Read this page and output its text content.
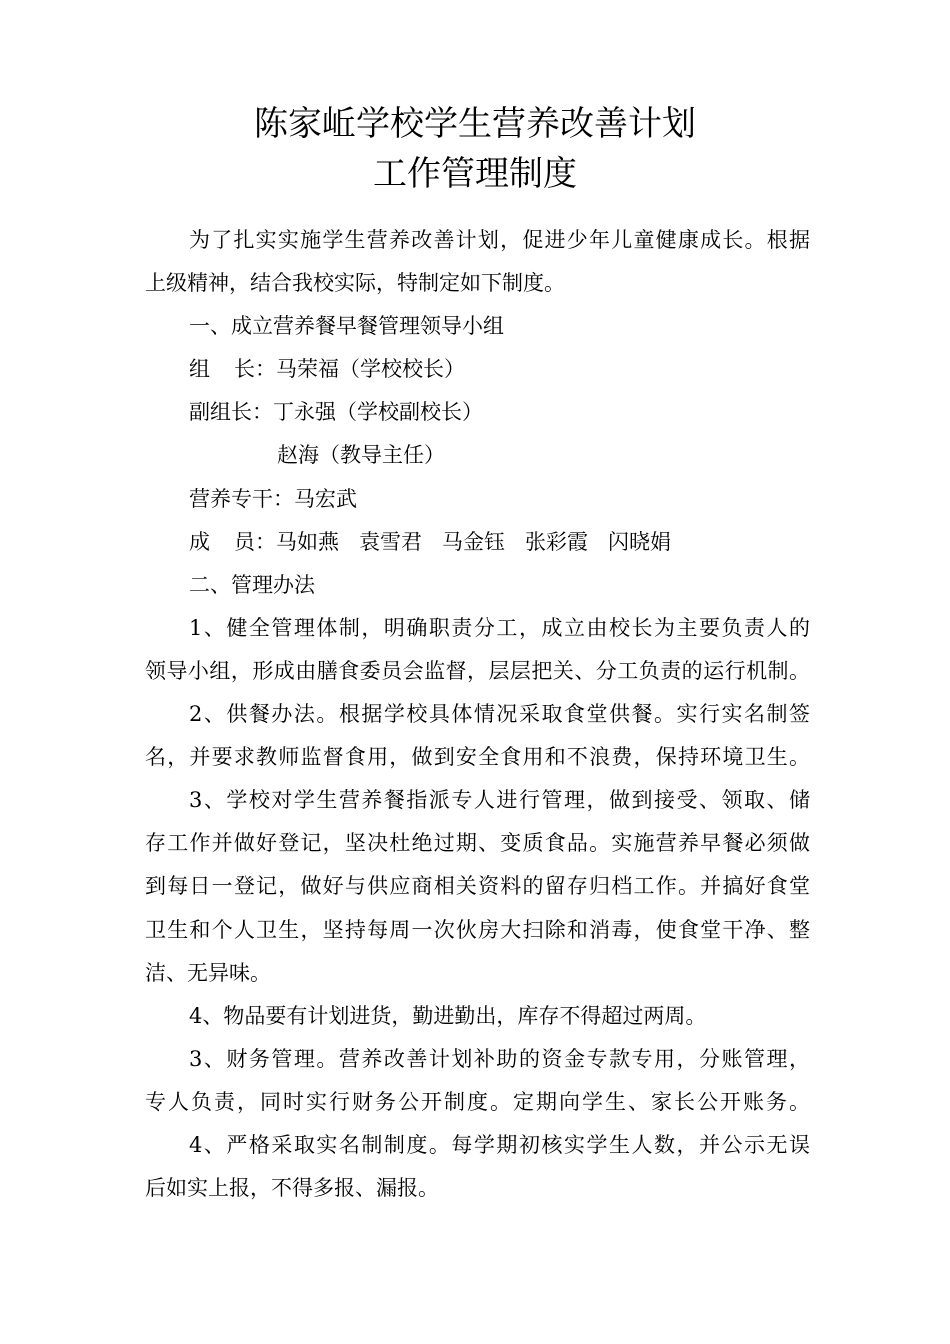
陈家岴学校学生营养改善计划
工作管理制度
为了扎实实施学生营养改善计划，促进少年儿童健康成长。根据
上级精神，结合我校实际，特制定如下制度。
一、成立营养餐早餐管理领导小组
组 长：马荣福（学校校长）
副组长：丁永强（学校副校长）
赵海（教导主任）
营养专干：马宏武
成 员：马如燕 袁雪君 马金钰 张彩霞 闪晓娟
二、管理办法
1、健全管理体制，明确职责分工，成立由校长为主要负责人的
领导小组，形成由膳食委员会监督，层层把关、分工负责的运行机制。
2、供餐办法。根据学校具体情况采取食堂供餐。实行实名制签
名，并要求教师监督食用，做到安全食用和不浪费，保持环境卫生。
3、学校对学生营养餐指派专人进行管理，做到接受、领取、储
存工作并做好登记，坚决杜绝过期、变质食品。实施营养早餐必须做
到每日一登记，做好与供应商相关资料的留存归档工作。并搞好食堂
卫生和个人卫生，坚持每周一次伙房大扫除和消毒，使食堂干净、整
洁、无异味。
4、物品要有计划进货，勤进勤出，库存不得超过两周。
3、财务管理。营养改善计划补助的资金专款专用，分账管理，
专人负责，同时实行财务公开制度。定期向学生、家长公开账务。
4、严格采取实名制制度。每学期初核实学生人数，并公示无误
后如实上报，不得多报、漏报。
